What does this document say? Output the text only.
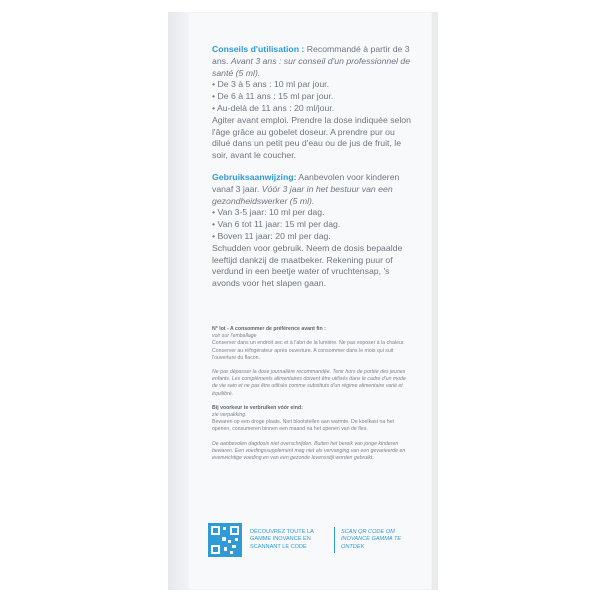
Conseils d'utilisation : Recommandé à partir de 3 ans. Avant 3 ans : sur conseil d'un professionnel de santé (5 ml).
• De 3 à 5 ans : 10 ml par jour.
• De 6 à 11 ans : 15 ml par jour.
• Au-delà de 11 ans : 20 ml/jour.
Agiter avant emploi. Prendre la dose indiquée selon l'âge grâce au gobelet doseur. A prendre pur ou dilué dans un petit peu d'eau ou de jus de fruit, le soir, avant le coucher.
Gebruiksaanwijzing: Aanbevolen voor kinderen vanaf 3 jaar. Vóór 3 jaar in het bestuur van een gezondheidswerker (5 ml).
• Van 3-5 jaar: 10 ml per dag.
• Van 6 tot 11 jaar: 15 ml per dag.
• Boven 11 jaar: 20 ml per dag.
Schudden voor gebruik. Neem de dosis bepaalde leeftijd dankzij de maatbeker. Rekening puur of verdund in een beetje water of vruchtensap, 's avonds voor het slapen gaan.
N° lot - A consommer de préférence avant fin :
voir sur l'emballage
Conserver dans un endroit sec et à l'abri de la lumière. Ne pas exposer à la chaleur. Conserver au réfrigérateur après ouverture. A consommer dans le mois qui suit l'ouverture du flacon.
Ne pas dépasser la dose journalière recommandée. Tenir hors de portée des jeunes enfants. Les compléments alimentaires doivent être utilisés dans le cadre d'un mode de vie sain et ne pas être utilisés comme substituts d'un régime alimentaire varié et équilibré.
Bij voorkeur te verbruiken vóór eind:
zie verpakking.
Bewaren op een droge plaats. Niet blootstellen aan warmte. De koelkast na het openen, consumeren binnen een maand na het openen van de fles.
De aanbevolen dagdosis niet overschrijden. Buiten het bereik van jonge kinderen bewaren. Een voedingssupplement mag niet als vervanging van een gevarieerde en evenwichtige voeding en van een gezonde levensstijl worden gebruikt.
DÉCOUVREZ TOUTE LA GAMME INOVANCE EN SCANNANT LE CODE
SCAN QR CODE OM INOVANCE GAMMA TE ONTDEK
